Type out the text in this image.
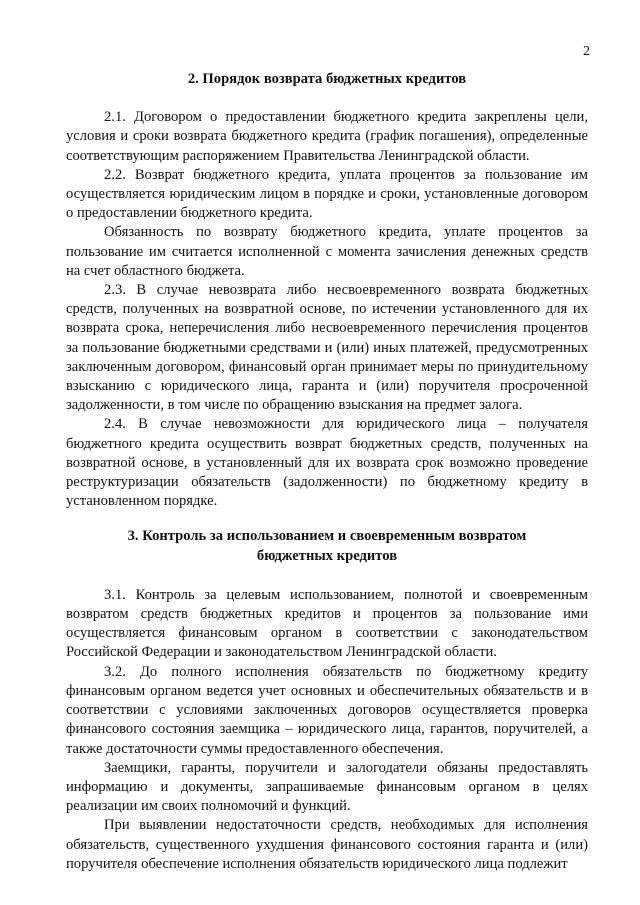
2

2. Порядок возврата бюджетных кредитов

2.1. Договором о предоставлении бюджетного кредита закреплены цели, условия и сроки возврата бюджетного кредита (график погашения), определенные соответствующим распоряжением Правительства Ленинградской области.

2.2. Возврат бюджетного кредита, уплата процентов за пользование им осуществляется юридическим лицом в порядке и сроки, установленные договором о предоставлении бюджетного кредита.

Обязанность по возврату бюджетного кредита, уплате процентов за пользование им считается исполненной с момента зачисления денежных средств на счет областного бюджета.

2.3. В случае невозврата либо несвоевременного возврата бюджетных средств, полученных на возвратной основе, по истечении установленного для их возврата срока, неперечисления либо несвоевременного перечисления процентов за пользование бюджетными средствами и (или) иных платежей, предусмотренных заключенным договором, финансовый орган принимает меры по принудительному взысканию с юридического лица, гаранта и (или) поручителя просроченной задолженности, в том числе по обращению взыскания на предмет залога.

2.4. В случае невозможности для юридического лица – получателя бюджетного кредита осуществить возврат бюджетных средств, полученных на возвратной основе, в установленный для их возврата срок возможно проведение реструктуризации обязательств (задолженности) по бюджетному кредиту в установленном порядке.

3. Контроль за использованием и своевременным возвратом
бюджетных кредитов

3.1. Контроль за целевым использованием, полнотой и своевременным возвратом средств бюджетных кредитов и процентов за пользование ими осуществляется финансовым органом в соответствии с законодательством Российской Федерации и законодательством Ленинградской области.

3.2. До полного исполнения обязательств по бюджетному кредиту финансовым органом ведется учет основных и обеспечительных обязательств и в соответствии с условиями заключенных договоров осуществляется проверка финансового состояния заемщика – юридического лица, гарантов, поручителей, а также достаточности суммы предоставленного обеспечения.

Заемщики, гаранты, поручители и залогодатели обязаны предоставлять информацию и документы, запрашиваемые финансовым органом в целях реализации им своих полномочий и функций.

При выявлении недостаточности средств, необходимых для исполнения обязательств, существенного ухудшения финансового состояния гаранта и (или) поручителя обеспечение исполнения обязательств юридического лица подлежит
